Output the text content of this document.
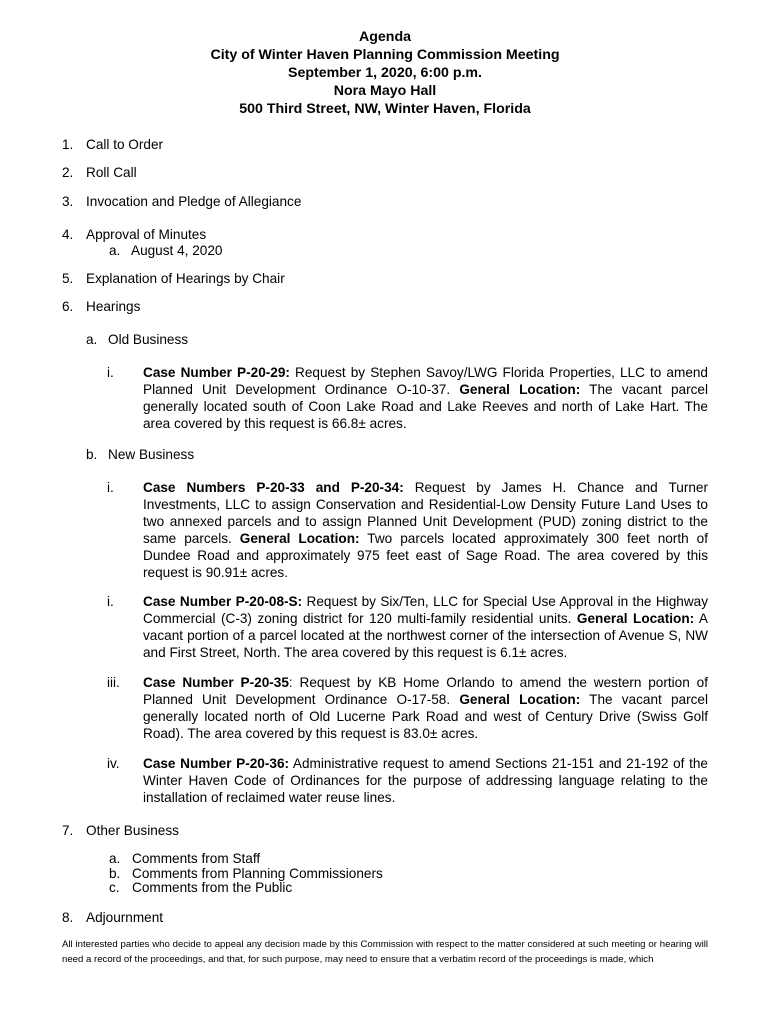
Agenda
City of Winter Haven Planning Commission Meeting
September 1, 2020, 6:00 p.m.
Nora Mayo Hall
500 Third Street, NW, Winter Haven, Florida
1. Call to Order
2. Roll Call
3. Invocation and Pledge of Allegiance
4. Approval of Minutes
a. August 4, 2020
5. Explanation of Hearings by Chair
6. Hearings
a. Old Business
i. Case Number P-20-29: Request by Stephen Savoy/LWG Florida Properties, LLC to amend Planned Unit Development Ordinance O-10-37. General Location: The vacant parcel generally located south of Coon Lake Road and Lake Reeves and north of Lake Hart. The area covered by this request is 66.8± acres.
b. New Business
i. Case Numbers P-20-33 and P-20-34: Request by James H. Chance and Turner Investments, LLC to assign Conservation and Residential-Low Density Future Land Uses to two annexed parcels and to assign Planned Unit Development (PUD) zoning district to the same parcels. General Location: Two parcels located approximately 300 feet north of Dundee Road and approximately 975 feet east of Sage Road. The area covered by this request is 90.91± acres.
i. Case Number P-20-08-S: Request by Six/Ten, LLC for Special Use Approval in the Highway Commercial (C-3) zoning district for 120 multi-family residential units. General Location: A vacant portion of a parcel located at the northwest corner of the intersection of Avenue S, NW and First Street, North. The area covered by this request is 6.1± acres.
iii. Case Number P-20-35: Request by KB Home Orlando to amend the western portion of Planned Unit Development Ordinance O-17-58. General Location: The vacant parcel generally located north of Old Lucerne Park Road and west of Century Drive (Swiss Golf Road). The area covered by this request is 83.0± acres.
iv. Case Number P-20-36: Administrative request to amend Sections 21-151 and 21-192 of the Winter Haven Code of Ordinances for the purpose of addressing language relating to the installation of reclaimed water reuse lines.
7. Other Business
a. Comments from Staff
b. Comments from Planning Commissioners
c. Comments from the Public
8. Adjournment
All interested parties who decide to appeal any decision made by this Commission with respect to the matter considered at such meeting or hearing will need a record of the proceedings, and that, for such purpose, may need to ensure that a verbatim record of the proceedings is made, which
